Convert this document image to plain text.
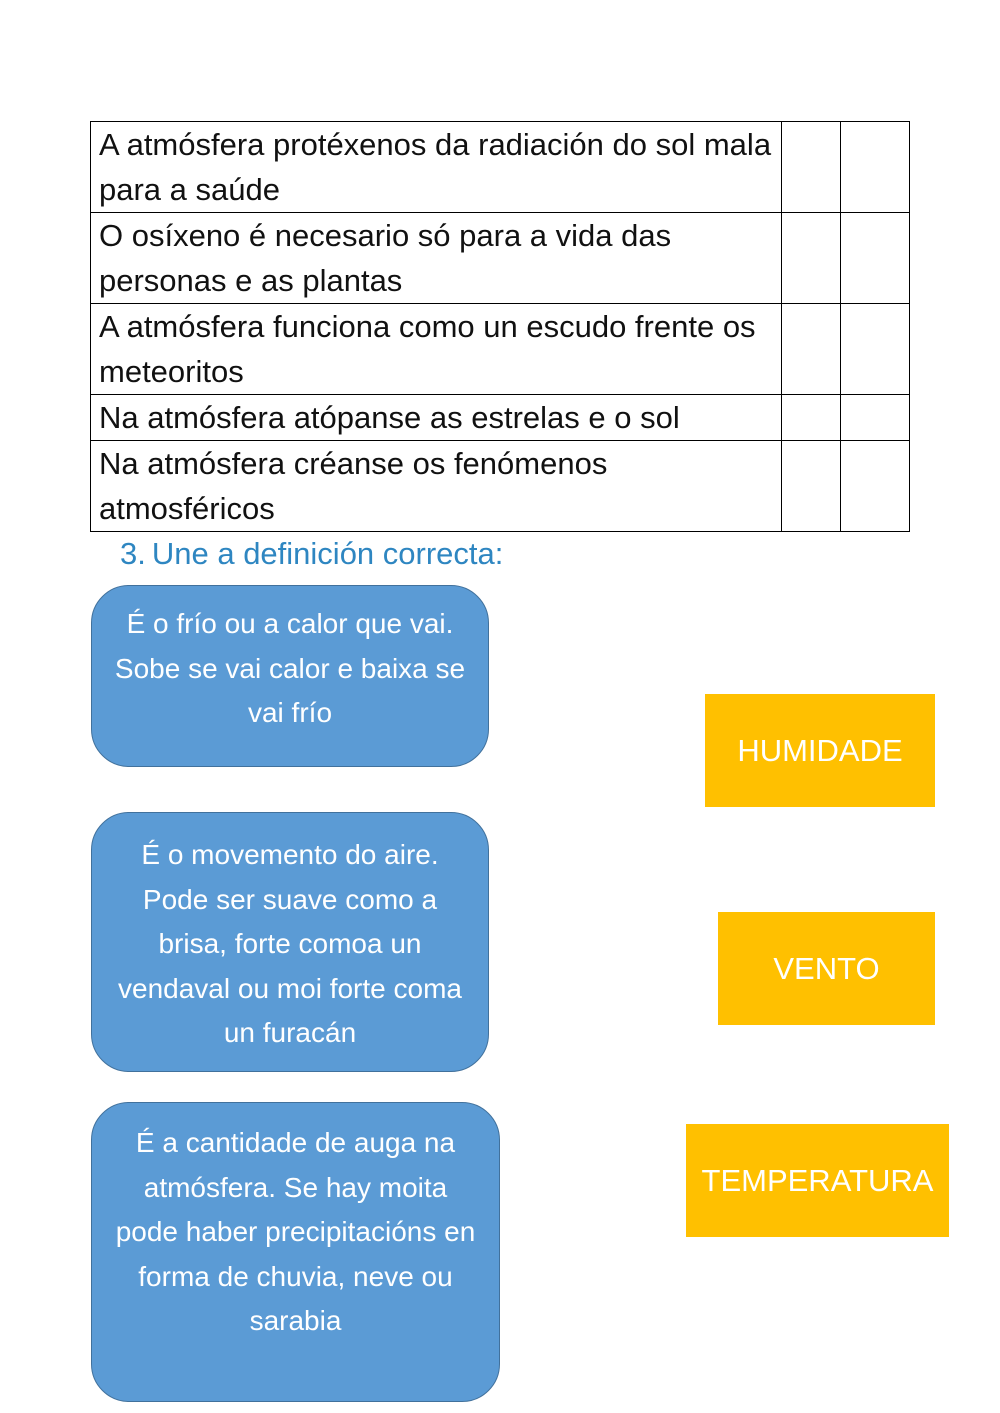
A atmósfera protéxenos da radiación do sol mala para a saúde		
O osíxeno é necesario só para a vida das personas e as plantas		
A atmósfera funciona como un escudo frente os meteoritos		
Na atmósfera atópanse as estrelas e o sol		
Na atmósfera créanse os fenómenos atmosféricos		
3. Une a definición correcta:
É o frío ou a calor que vai. Sobe se vai calor e baixa se vai frío
É o movemento do aire. Pode ser suave como a brisa, forte comoa un vendaval ou moi forte coma un furacán
É a cantidade de auga na atmósfera. Se hay moita pode haber precipitacións en forma de chuvia, neve ou sarabia
HUMIDADE
VENTO
TEMPERATURA
